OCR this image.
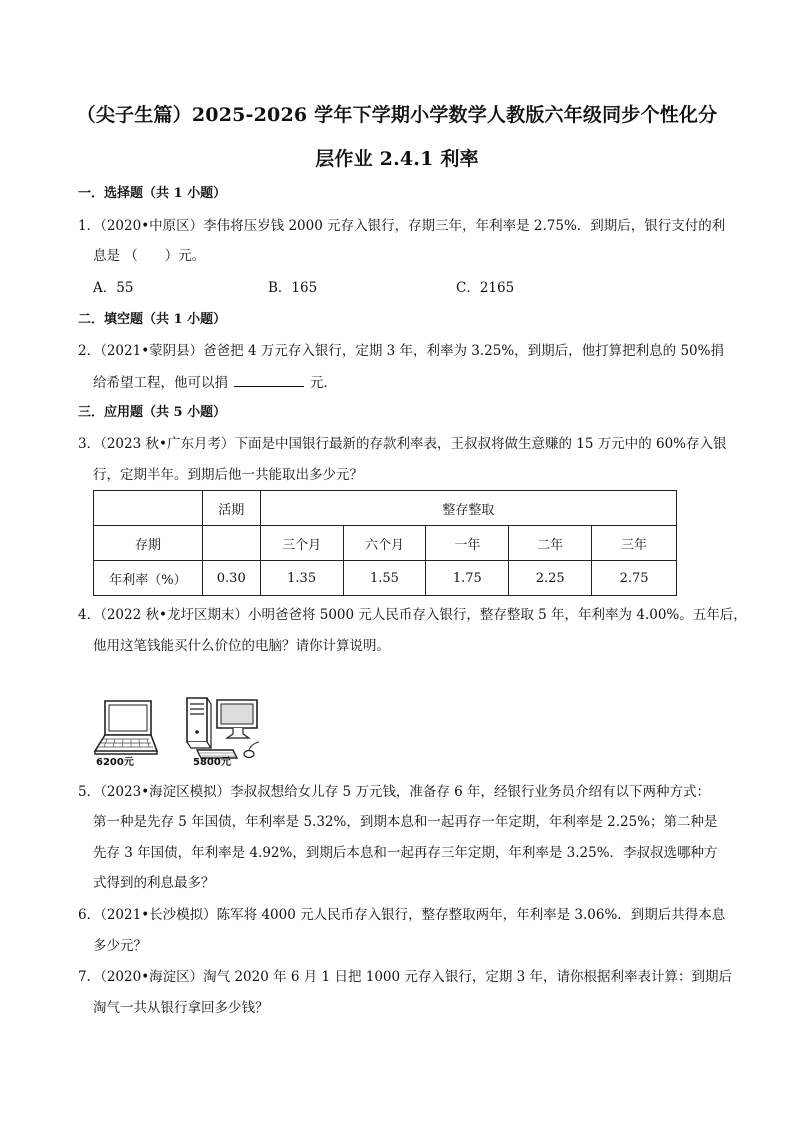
（尖子生篇）2025-2026 学年下学期小学数学人教版六年级同步个性化分
层作业 2.4.1 利率
一．选择题（共 1 小题）
1．（2020•中原区）李伟将压岁钱 2000 元存入银行，存期三年，年利率是 2.75%．到期后，银行支付的利
息是 （　　）元。
A．55	B．165	C．2165
二．填空题（共 1 小题）
2．（2021•蒙阴县）爸爸把 4 万元存入银行，定期 3 年，利率为 3.25%，到期后，他打算把利息的 50%捐
给希望工程，他可以捐	元．
三．应用题（共 5 小题）
3．（2023 秋•广东月考）下面是中国银行最新的存款利率表，王叔叔将做生意赚的 15 万元中的 60%存入银
行，定期半年。到期后他一共能取出多少元？
	活期	整存整取				
存期		三个月	六个月	一年	二年	三年
年利率（%）	0.30	1.35	1.55	1.75	2.25	2.75
4．（2022 秋•龙圩区期末）小明爸爸将 5000 元人民币存入银行，整存整取 5 年，年利率为 4.00%。五年后，
他用这笔钱能买什么价位的电脑？请你计算说明。
6200元	5800元
5．（2023•海淀区模拟）李叔叔想给女儿存 5 万元钱，准备存 6 年，经银行业务员介绍有以下两种方式：
第一种是先存 5 年国债，年利率是 5.32%，到期本息和一起再存一年定期，年利率是 2.25%；第二种是
先存 3 年国债，年利率是 4.92%，到期后本息和一起再存三年定期，年利率是 3.25%．李叔叔选哪种方
式得到的利息最多？
6．（2021•长沙模拟）陈军将 4000 元人民币存入银行，整存整取两年，年利率是 3.06%．到期后共得本息
多少元？
7．（2020•海淀区）淘气 2020 年 6 月 1 日把 1000 元存入银行，定期 3 年，请你根据利率表计算：到期后
淘气一共从银行拿回多少钱？
